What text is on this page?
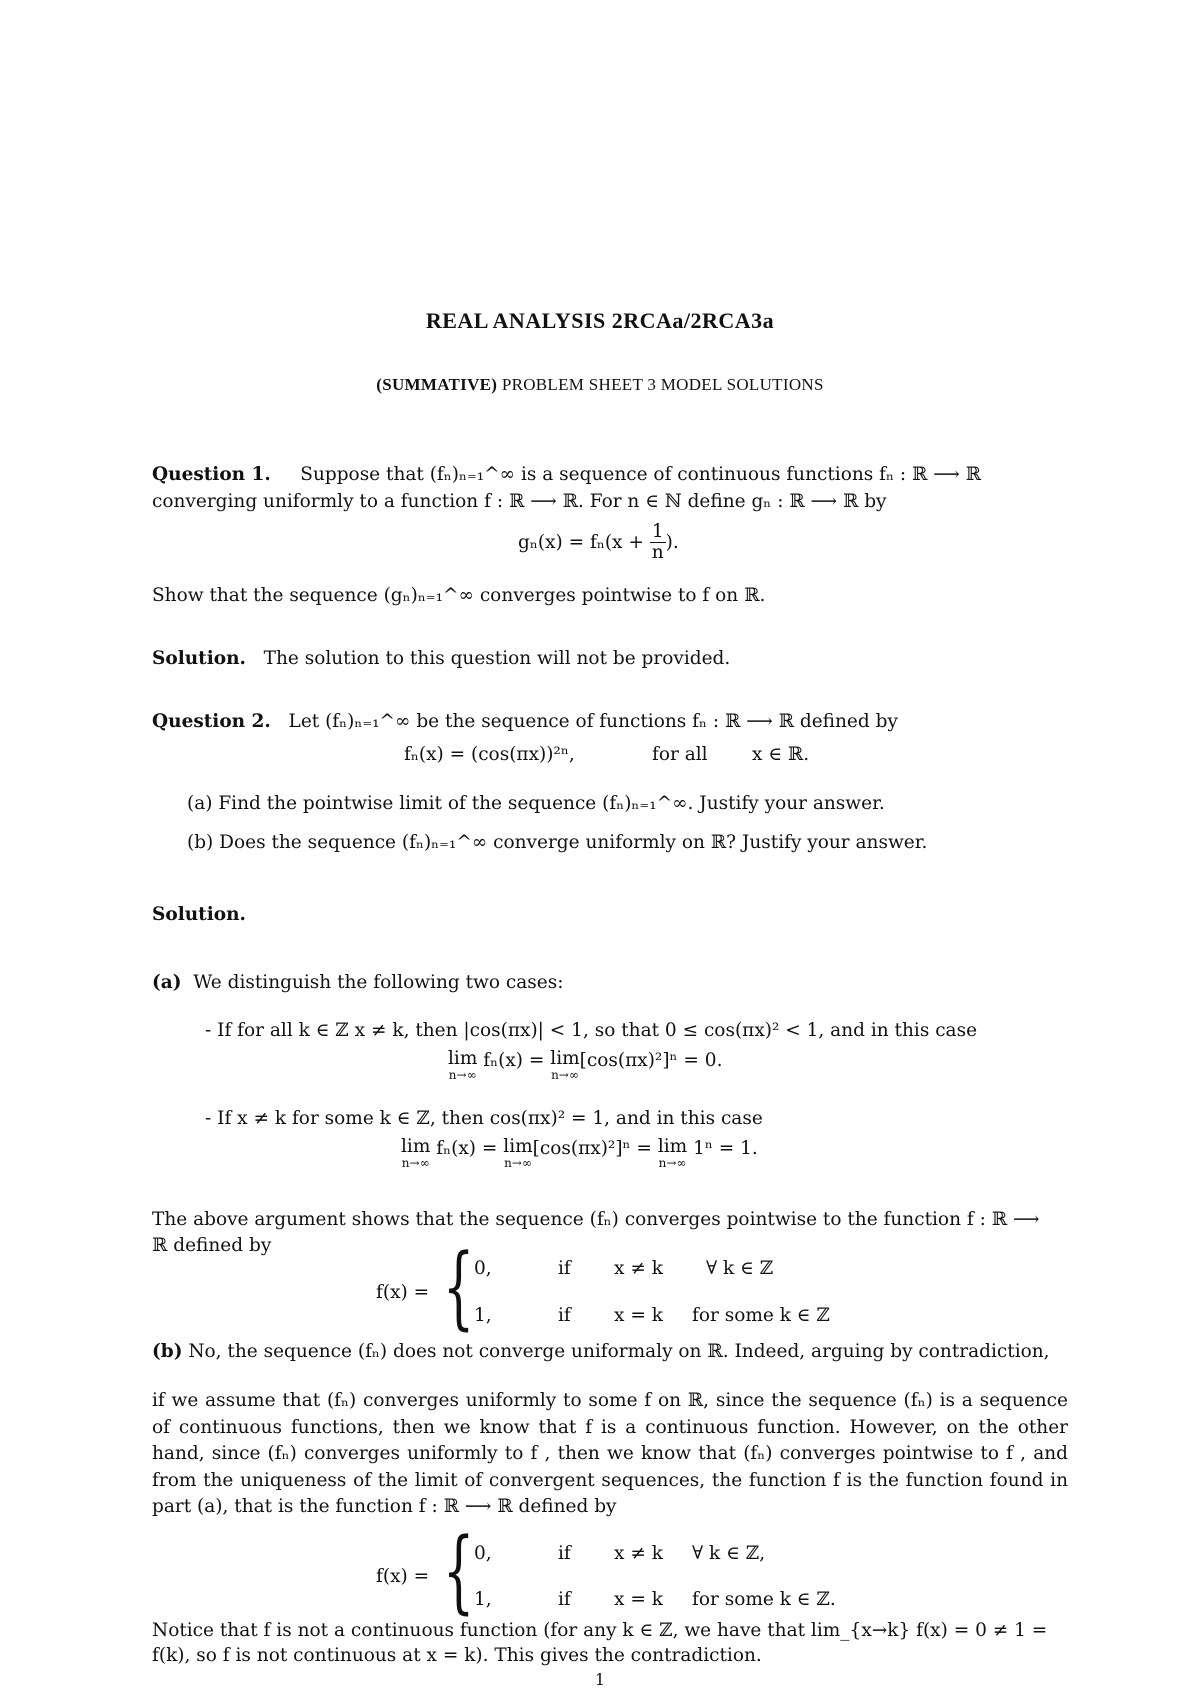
REAL ANALYSIS 2RCAa/2RCA3a
(SUMMATIVE) PROBLEM SHEET 3 MODEL SOLUTIONS
Question 1. Suppose that (fₙ)ₙ₌₁^∞ is a sequence of continuous functions fₙ : ℝ ⟶ ℝ
converging uniformly to a function f : ℝ ⟶ ℝ. For n ∈ ℕ define gₙ : ℝ ⟶ ℝ by
$g_n(x) = f_n(x + \frac{1}{n}$ ).
Show that the sequence (gₙ)ₙ₌₁^∞ converges pointwise to f on ℝ.
Solution. The solution to this question will not be provided.
Question 2. Let (fₙ)ₙ₌₁^∞ be the sequence of functions fₙ : ℝ ⟶ ℝ defined by
fₙ(x) = (cos(πx))²ⁿ,	for all x ∈ ℝ.
(a) Find the pointwise limit of the sequence (fₙ)ₙ₌₁^∞. Justify your answer.
(b) Does the sequence (fₙ)ₙ₌₁^∞ converge uniformly on ℝ? Justify your answer.
Solution.
(a) We distinguish the following two cases:
- If for all k ∈ ℤ x ≠ k, then |cos(πx)| < 1, so that 0 ≤ cos(πx)² < 1, and in this case
lim
n→∞
fₙ(x) = lim
n→∞
[cos(πx)²]ⁿ = 0.
- If x ≠ k for some k ∈ ℤ, then cos(πx)² = 1, and in this case
lim
n→∞
fₙ(x) = lim
n→∞
[cos(πx)²]ⁿ = lim
n→∞
1ⁿ = 1.
The above argument shows that the sequence (fₙ) converges pointwise to the function f : ℝ ⟶
ℝ defined by
f(x) = { 0,	if x ≠ k ∀ k ∈ ℤ
1,	if x = k for some k ∈ ℤ
(b) No, the sequence (fₙ) does not converge uniformaly on ℝ. Indeed, arguing by contradiction,
if we assume that (fₙ) converges uniformly to some f on ℝ, since the sequence (fₙ) is a sequence of continuous functions, then we know that f is a continuous function. However, on the other hand, since (fₙ) converges uniformly to f , then we know that (fₙ) converges pointwise to f , and from the uniqueness of the limit of convergent sequences, the function f is the function found in part (a), that is the function f : ℝ ⟶ ℝ defined by
f(x) = { 0,	if x ≠ k ∀ k ∈ ℤ,
1,	if x = k for some k ∈ ℤ.
Notice that f is not a continuous function (for any k ∈ ℤ, we have that lim_{x→k} f(x) = 0 ≠ 1 =
f(k), so f is not continuous at x = k). This gives the contradiction.
1
